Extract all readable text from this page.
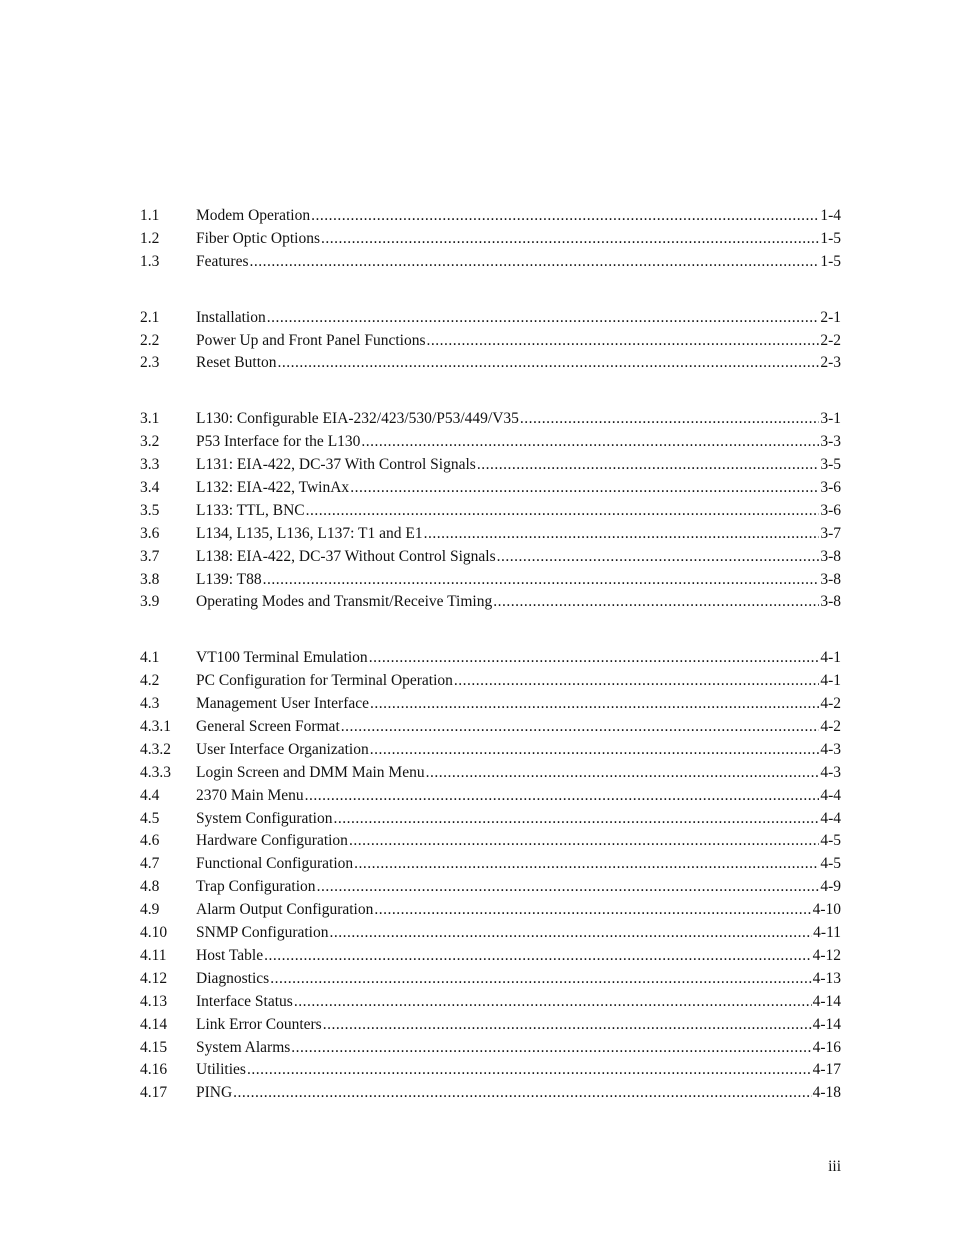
1.1	Modem Operation .....	1-4
1.2	Fiber Optic Options .....	1-5
1.3	Features .....	1-5
2.1	Installation .....	2-1
2.2	Power Up and Front Panel Functions .....	2-2
2.3	Reset Button .....	2-3
3.1	L130: Configurable EIA-232/423/530/P53/449/V35 .....	3-1
3.2	P53 Interface for the L130 .....	3-3
3.3	L131: EIA-422, DC-37 With Control Signals .....	3-5
3.4	L132: EIA-422, TwinAx .....	3-6
3.5	L133: TTL, BNC .....	3-6
3.6	L134, L135, L136, L137: T1 and E1 .....	3-7
3.7	L138: EIA-422, DC-37 Without Control Signals .....	3-8
3.8	L139: T88 .....	3-8
3.9	Operating Modes and Transmit/Receive Timing .....	3-8
4.1	VT100 Terminal Emulation .....	4-1
4.2	PC Configuration for Terminal Operation .....	4-1
4.3	Management User Interface .....	4-2
4.3.1	General Screen Format .....	4-2
4.3.2	User Interface Organization .....	4-3
4.3.3	Login Screen and DMM Main Menu .....	4-3
4.4	2370 Main Menu .....	4-4
4.5	System Configuration .....	4-4
4.6	Hardware Configuration .....	4-5
4.7	Functional Configuration .....	4-5
4.8	Trap Configuration .....	4-9
4.9	Alarm Output Configuration .....	4-10
4.10	SNMP Configuration .....	4-11
4.11	Host Table .....	4-12
4.12	Diagnostics .....	4-13
4.13	Interface Status .....	4-14
4.14	Link Error Counters .....	4-14
4.15	System Alarms .....	4-16
4.16	Utilities .....	4-17
4.17	PING .....	4-18
iii
